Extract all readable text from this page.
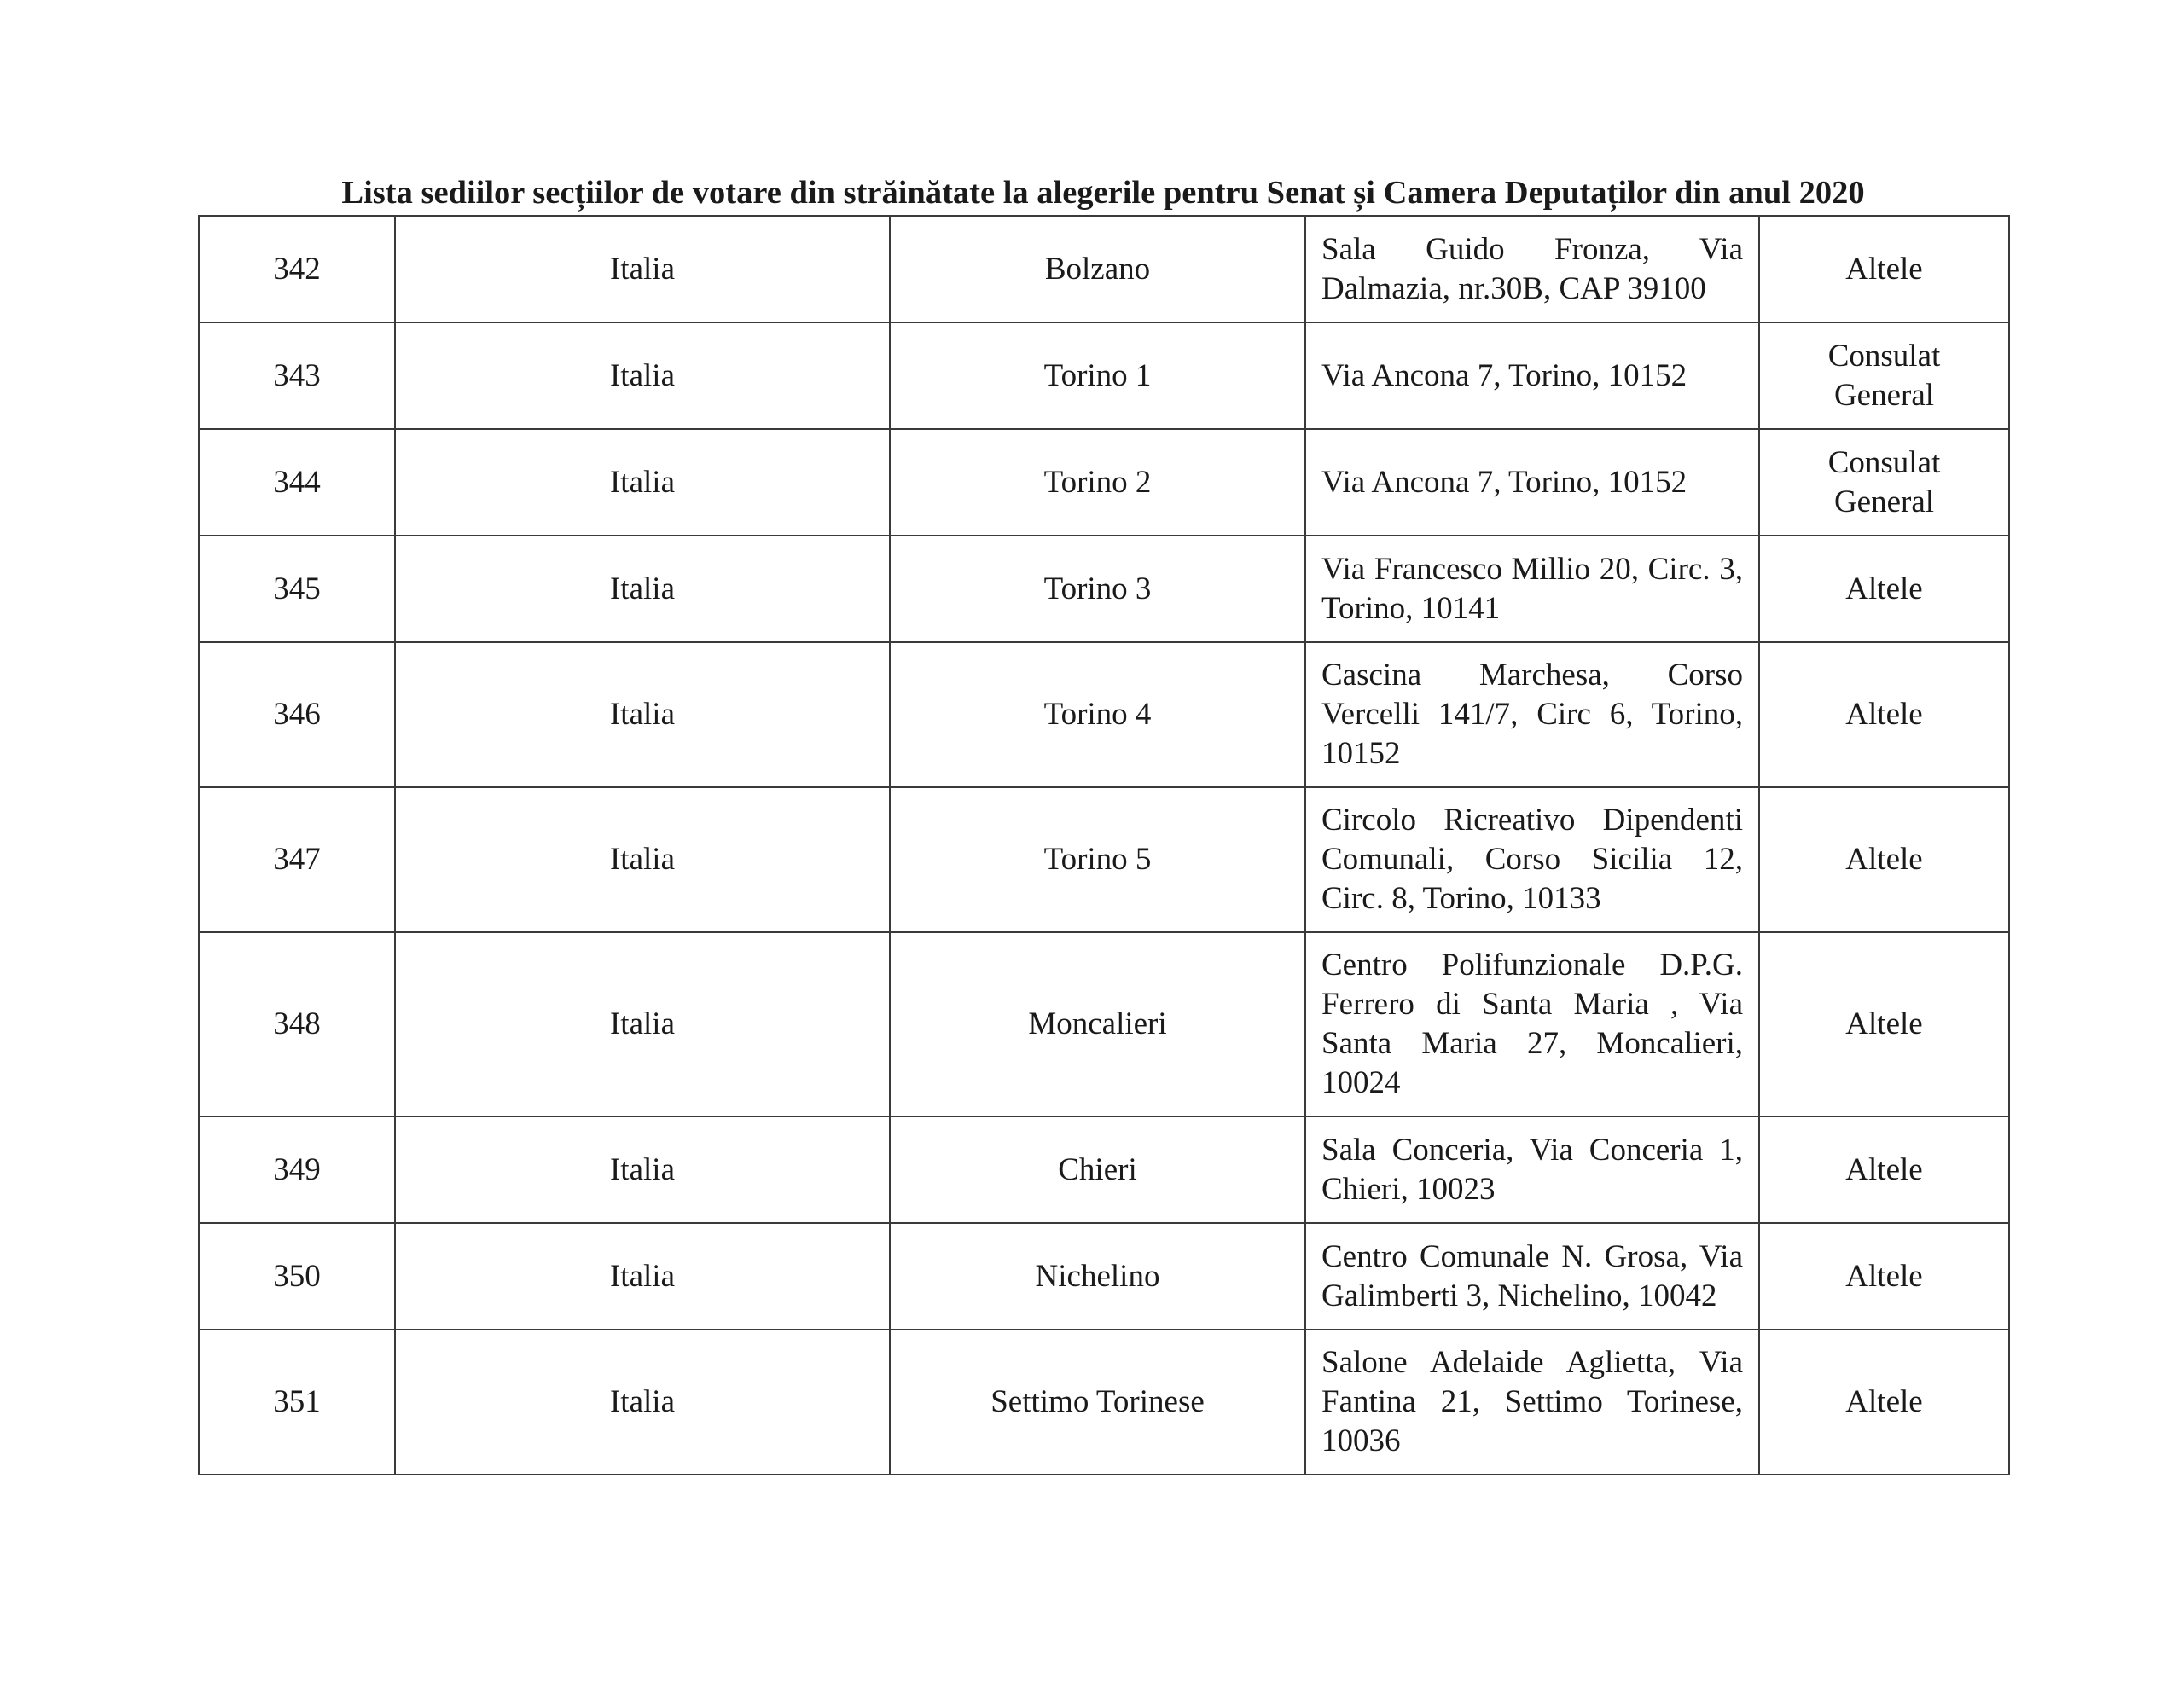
Lista sediilor secțiilor de votare din străinătate la alegerile pentru Senat și Camera Deputaților din anul 2020
342	Italia	Bolzano	Sala Guido Fronza, Via Dalmazia, nr.30B, CAP 39100	Altele
343	Italia	Torino 1	Via Ancona 7, Torino, 10152	Consulat General
344	Italia	Torino 2	Via Ancona 7, Torino, 10152	Consulat General
345	Italia	Torino 3	Via Francesco Millio 20, Circ. 3, Torino, 10141	Altele
346	Italia	Torino 4	Cascina Marchesa, Corso Vercelli 141/7, Circ 6, Torino, 10152	Altele
347	Italia	Torino 5	Circolo Ricreativo Dipendenti Comunali, Corso Sicilia 12, Circ. 8, Torino, 10133	Altele
348	Italia	Moncalieri	Centro Polifunzionale D.P.G. Ferrero di Santa Maria , Via Santa Maria 27, Moncalieri, 10024	Altele
349	Italia	Chieri	Sala Conceria, Via Conceria 1, Chieri, 10023	Altele
350	Italia	Nichelino	Centro Comunale N. Grosa, Via Galimberti 3, Nichelino, 10042	Altele
351	Italia	Settimo Torinese	Salone Adelaide Aglietta, Via Fantina 21, Settimo Torinese, 10036	Altele
